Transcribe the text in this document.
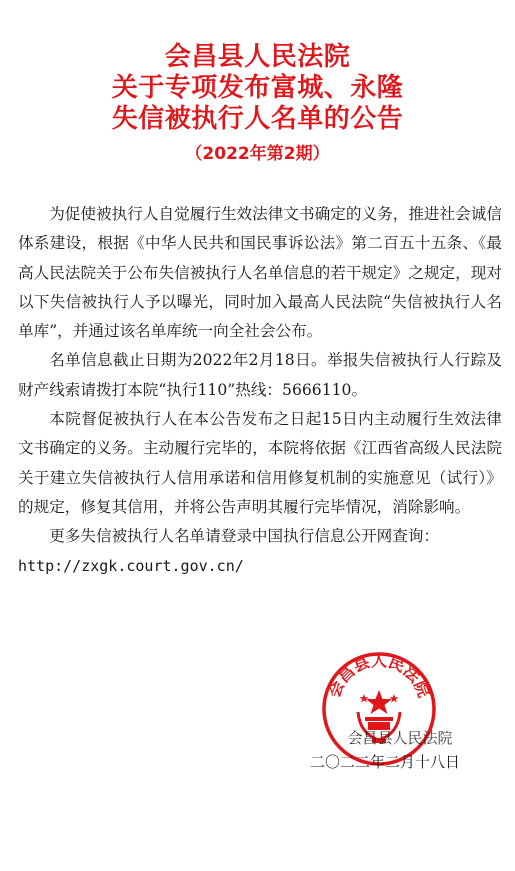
会昌县人民法院
关于专项发布富城、永隆
失信被执行人名单的公告
（2022年第2期）

为促使被执行人自觉履行生效法律文书确定的义务，推进社会诚信体系建设，根据《中华人民共和国民事诉讼法》第二百五十五条、《最高人民法院关于公布失信被执行人名单信息的若干规定》之规定，现对以下失信被执行人予以曝光，同时加入最高人民法院“失信被执行人名单库”，并通过该名单库统一向全社会公布。

名单信息截止日期为2022年2月18日。举报失信被执行人行踪及财产线索请拨打本院“执行110”热线：5666110。

本院督促被执行人在本公告发布之日起15日内主动履行生效法律文书确定的义务。主动履行完毕的，本院将依据《江西省高级人民法院关于建立失信被执行人信用承诺和信用修复机制的实施意见（试行）》的规定，修复其信用，并将公告声明其履行完毕情况，消除影响。

更多失信被执行人名单请登录中国执行信息公开网查询：

http://zxgk.court.gov.cn/

会昌县人民法院
会昌县人民法院
二〇二二年二月十八日
